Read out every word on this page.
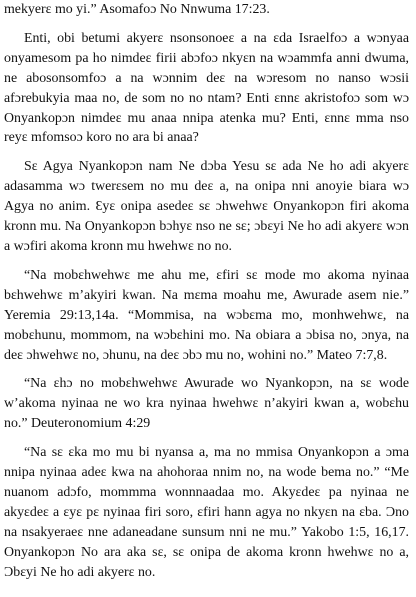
mekyerɛ mo yi.” Asomafoɔ No Nnwuma 17:23.

Enti, obi betumi akyerɛ nsonsonoeɛ a na ɛda Israelfoɔ a wɔnyaa onyamesom pa ho nimdeɛ firii abɔfoɔ nkyɛn na wɔammfa anni dwuma, ne abosonsomfoɔ a na wɔnnim deɛ na wɔresom no nanso wɔsii afɔrebukyia maa no, de som no no ntam? Enti ɛnnɛ akristofoɔ som wɔ Onyankopɔn nimdeɛ mu anaa nnipa atenka mu? Enti, ɛnnɛ mma nso reyɛ mfomsoɔ koro no ara bi anaa?

Sɛ Agya Nyankopɔn nam Ne dɔba Yesu sɛ ada Ne ho adi akyerɛ adasamma wɔ twerɛsem no mu deɛ a, na onipa nni anoyie biara wɔ Agya no anim. Ɛyɛ onipa asedeɛ sɛ ɔhwehwɛ Onyankopɔn firi akoma kronn mu. Na Onyankopɔn bɔhyɛ nso ne sɛ; ɔbɛyi Ne ho adi akyerɛ wɔn a wɔfiri akoma kronn mu hwehwɛ no no.

“Na mobɛhwehwɛ me ahu me, ɛfiri sɛ mode mo akoma nyinaa bɛhwehwɛ m’akyiri kwan. Na mɛma moahu me, Awurade asem nie.” Yeremia 29:13,14a. “Mommisa, na wɔbɛma mo, monhwehwɛ, na mobɛhunu, mommom, na wɔbɛhini mo. Na obiara a ɔbisa no, ɔnya, na deɛ ɔhwehwɛ no, ɔhunu, na deɛ ɔbɔ mu no, wohini no.” Mateo 7:7,8.

“Na ɛhɔ no mobɛhwehwɛ Awurade wo Nyankopɔn, na sɛ wode w’akoma nyinaa ne wo kra nyinaa hwehwɛ n’akyiri kwan a, wobɛhu no.” Deuteronomium 4:29

“Na sɛ ɛka mo mu bi nyansa a, ma no mmisa Onyankopɔn a ɔma nnipa nyinaa adeɛ kwa na ahohoraa nnim no, na wode bema no.” “Me nuanom adɔfo, mommma wonnnaadaa mo. Akyɛdeɛ pa nyinaa ne akyɛdeɛ a ɛyɛ pɛ nyinaa firi soro, ɛfiri hann agya no nkyɛn na ɛba. Ɔno na nsakyeraeɛ nne adaneadane sunsum nni ne mu.” Yakobo 1:5, 16,17. Onyankopɔn No ara aka sɛ, sɛ onipa de akoma kronn hwehwɛ no a, Ɔbɛyi Ne ho adi akyerɛ no.
